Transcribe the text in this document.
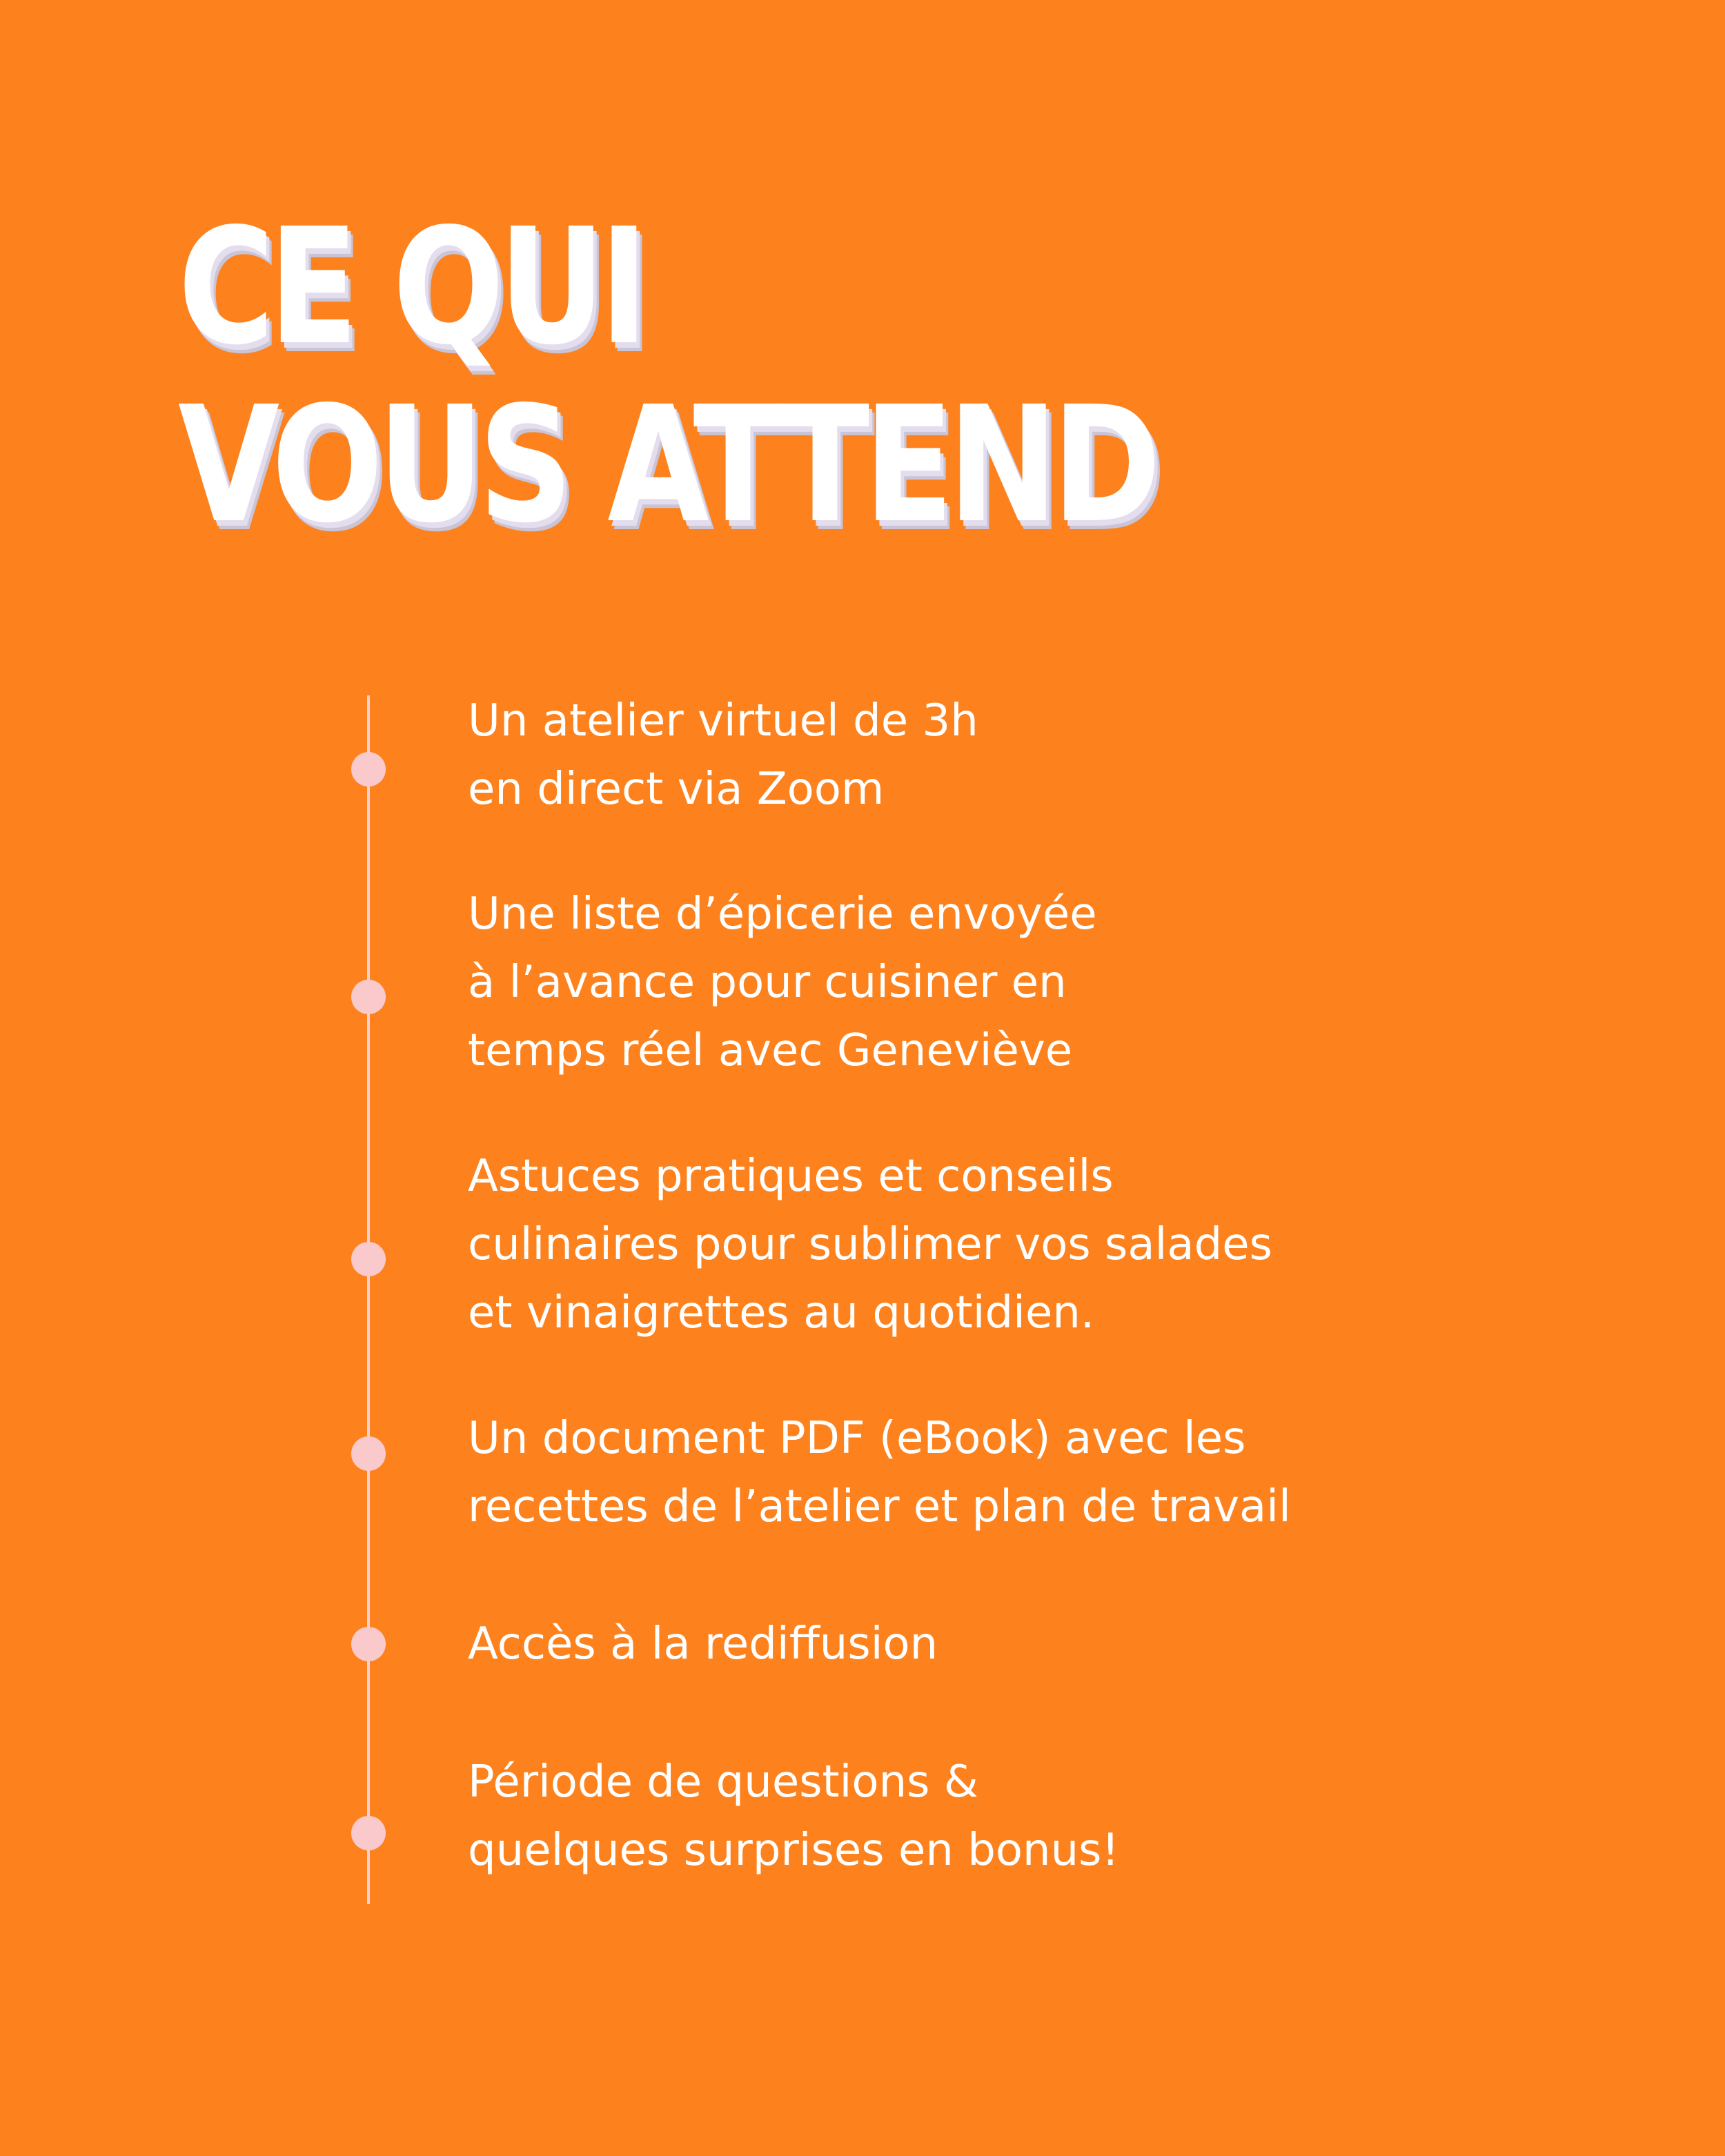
CE QUI
VOUS ATTEND
Un atelier virtuel de 3h
en direct via Zoom
Une liste d’épicerie envoyée
à l’avance pour cuisiner en
temps réel avec Geneviève
Astuces pratiques et conseils
culinaires pour sublimer vos salades
et vinaigrettes au quotidien.
Un document PDF (eBook) avec les
recettes de l’atelier et plan de travail
Accès à la rediffusion
Période de questions &
quelques surprises en bonus!
